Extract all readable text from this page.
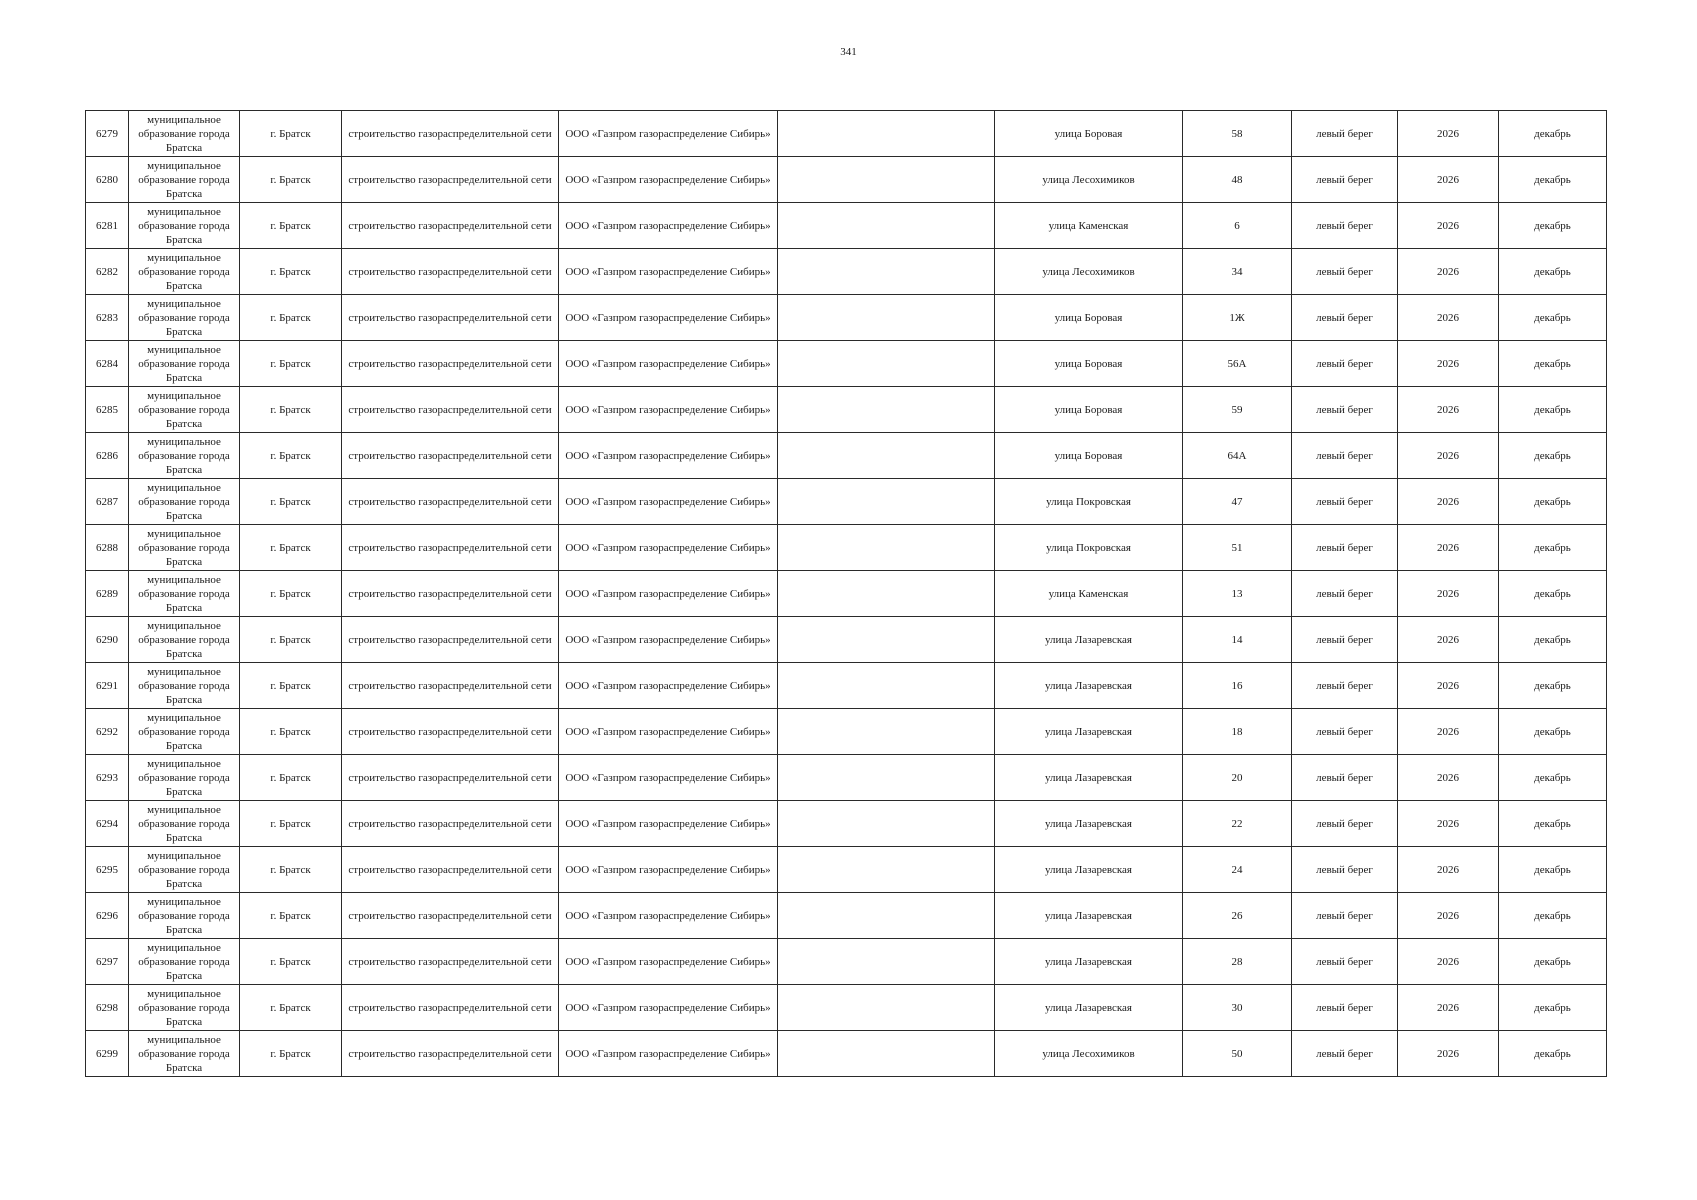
341
6279	муниципальное образование города Братска	г. Братск	строительство газораспределительной сети	ООО «Газпром газораспределение Сибирь»		улица Боровая	58	левый берег	2026	декабрь
6280	муниципальное образование города Братска	г. Братск	строительство газораспределительной сети	ООО «Газпром газораспределение Сибирь»		улица Лесохимиков	48	левый берег	2026	декабрь
6281	муниципальное образование города Братска	г. Братск	строительство газораспределительной сети	ООО «Газпром газораспределение Сибирь»		улица Каменская	6	левый берег	2026	декабрь
6282	муниципальное образование города Братска	г. Братск	строительство газораспределительной сети	ООО «Газпром газораспределение Сибирь»		улица Лесохимиков	34	левый берег	2026	декабрь
6283	муниципальное образование города Братска	г. Братск	строительство газораспределительной сети	ООО «Газпром газораспределение Сибирь»		улица Боровая	1Ж	левый берег	2026	декабрь
6284	муниципальное образование города Братска	г. Братск	строительство газораспределительной сети	ООО «Газпром газораспределение Сибирь»		улица Боровая	56А	левый берег	2026	декабрь
6285	муниципальное образование города Братска	г. Братск	строительство газораспределительной сети	ООО «Газпром газораспределение Сибирь»		улица Боровая	59	левый берег	2026	декабрь
6286	муниципальное образование города Братска	г. Братск	строительство газораспределительной сети	ООО «Газпром газораспределение Сибирь»		улица Боровая	64А	левый берег	2026	декабрь
6287	муниципальное образование города Братска	г. Братск	строительство газораспределительной сети	ООО «Газпром газораспределение Сибирь»		улица Покровская	47	левый берег	2026	декабрь
6288	муниципальное образование города Братска	г. Братск	строительство газораспределительной сети	ООО «Газпром газораспределение Сибирь»		улица Покровская	51	левый берег	2026	декабрь
6289	муниципальное образование города Братска	г. Братск	строительство газораспределительной сети	ООО «Газпром газораспределение Сибирь»		улица Каменская	13	левый берег	2026	декабрь
6290	муниципальное образование города Братска	г. Братск	строительство газораспределительной сети	ООО «Газпром газораспределение Сибирь»		улица Лазаревская	14	левый берег	2026	декабрь
6291	муниципальное образование города Братска	г. Братск	строительство газораспределительной сети	ООО «Газпром газораспределение Сибирь»		улица Лазаревская	16	левый берег	2026	декабрь
6292	муниципальное образование города Братска	г. Братск	строительство газораспределительной сети	ООО «Газпром газораспределение Сибирь»		улица Лазаревская	18	левый берег	2026	декабрь
6293	муниципальное образование города Братска	г. Братск	строительство газораспределительной сети	ООО «Газпром газораспределение Сибирь»		улица Лазаревская	20	левый берег	2026	декабрь
6294	муниципальное образование города Братска	г. Братск	строительство газораспределительной сети	ООО «Газпром газораспределение Сибирь»		улица Лазаревская	22	левый берег	2026	декабрь
6295	муниципальное образование города Братска	г. Братск	строительство газораспределительной сети	ООО «Газпром газораспределение Сибирь»		улица Лазаревская	24	левый берег	2026	декабрь
6296	муниципальное образование города Братска	г. Братск	строительство газораспределительной сети	ООО «Газпром газораспределение Сибирь»		улица Лазаревская	26	левый берег	2026	декабрь
6297	муниципальное образование города Братска	г. Братск	строительство газораспределительной сети	ООО «Газпром газораспределение Сибирь»		улица Лазаревская	28	левый берег	2026	декабрь
6298	муниципальное образование города Братска	г. Братск	строительство газораспределительной сети	ООО «Газпром газораспределение Сибирь»		улица Лазаревская	30	левый берег	2026	декабрь
6299	муниципальное образование города Братска	г. Братск	строительство газораспределительной сети	ООО «Газпром газораспределение Сибирь»		улица Лесохимиков	50	левый берег	2026	декабрь
